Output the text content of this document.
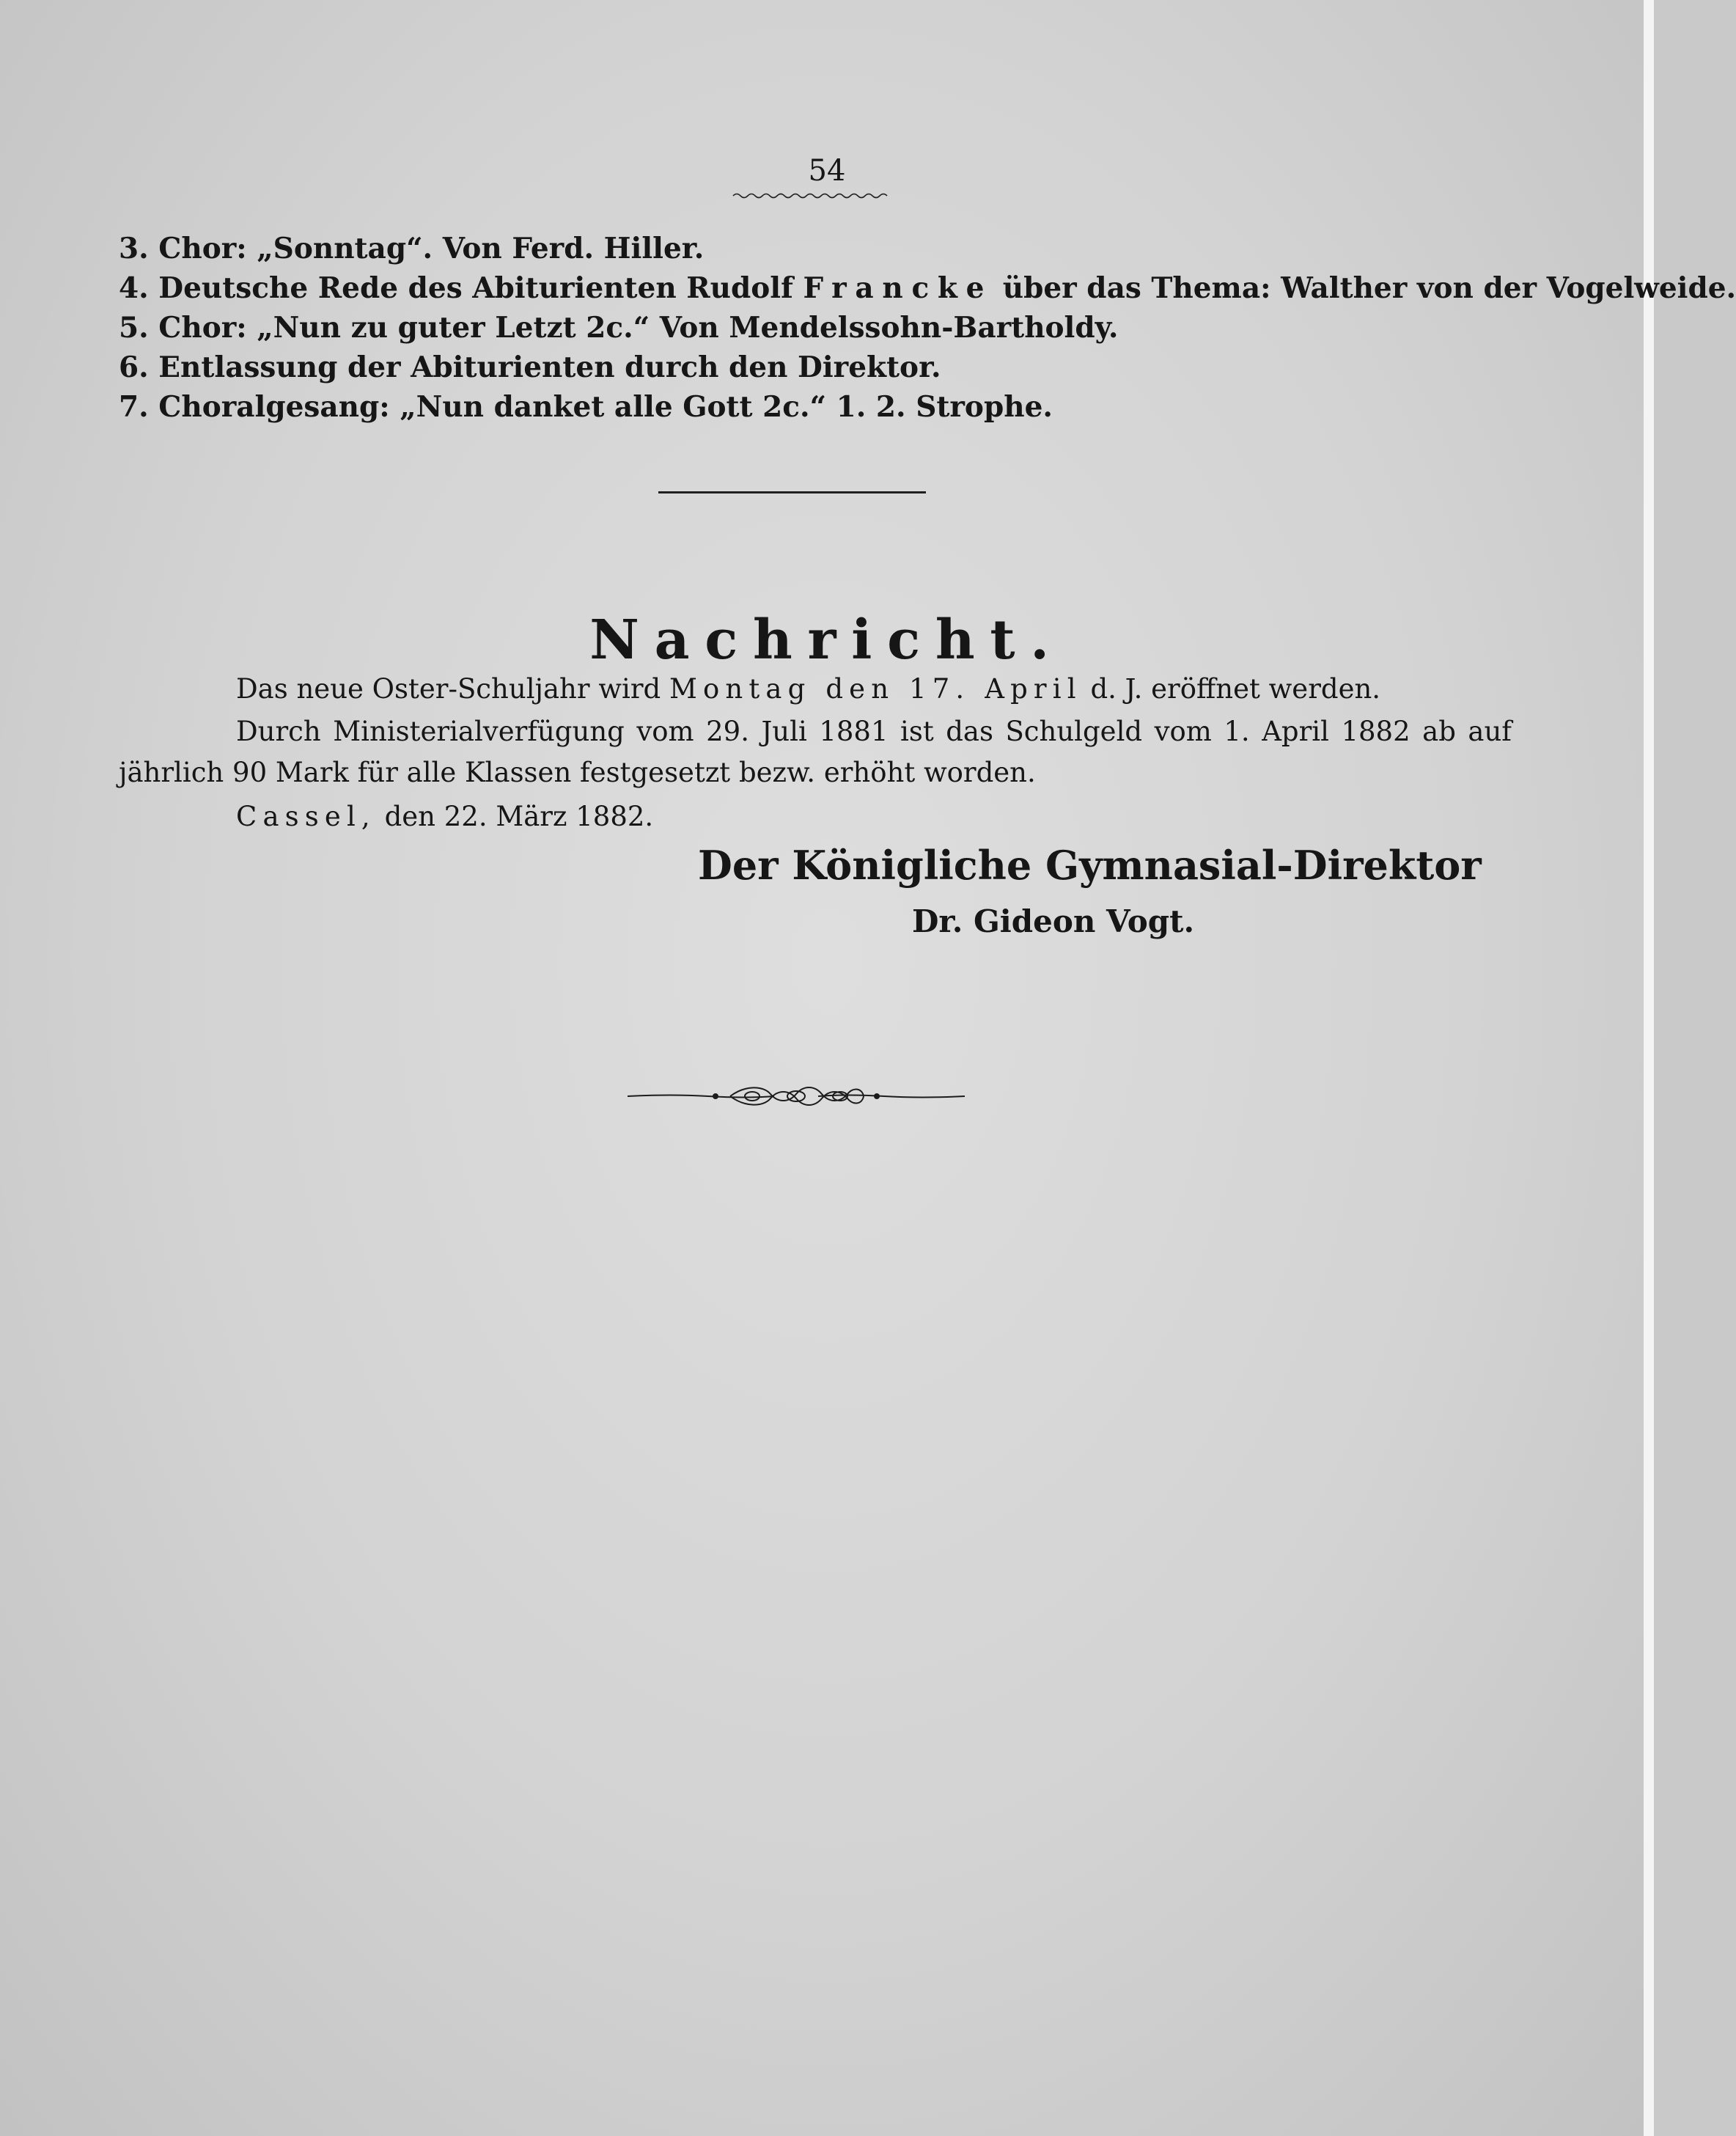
54
3. Chor: „Sonntag“. Von Ferd. Hiller.
4. Deutsche Rede des Abiturienten Rudolf Francke über das Thema: Walther von der Vogelweide.
5. Chor: „Nun zu guter Letzt 2c.“ Von Mendelssohn-Bartholdy.
6. Entlassung der Abiturienten durch den Direktor.
7. Choralgesang: „Nun danket alle Gott 2c.“ 1. 2. Strophe.
Nachricht.
Das neue Oster-Schuljahr wird Montag den 17. April d. J. eröffnet werden.
Durch Ministerialverfügung vom 29. Juli 1881 ist das Schulgeld vom 1. April 1882 ab auf jährlich 90 Mark für alle Klassen festgesetzt bezw. erhöht worden.
Cassel, den 22. März 1882.
Der Königliche Gymnasial-Direktor
Dr. Gideon Vogt.
